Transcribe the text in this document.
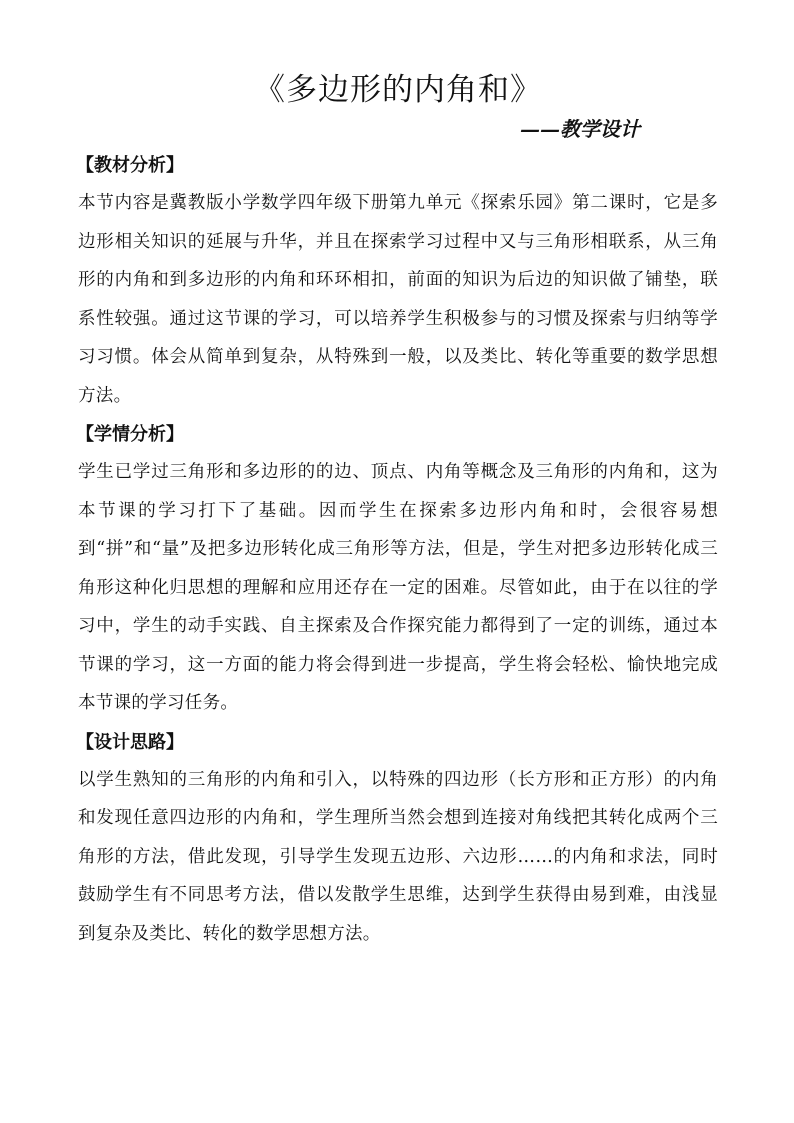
《多边形的内角和》
——教学设计
【教材分析】

本节内容是冀教版小学数学四年级下册第九单元《探索乐园》第二课时，它是多边形相关知识的延展与升华，并且在探索学习过程中又与三角形相联系，从三角形的内角和到多边形的内角和环环相扣，前面的知识为后边的知识做了铺垫，联系性较强。通过这节课的学习，可以培养学生积极参与的习惯及探索与归纳等学习习惯。体会从简单到复杂，从特殊到一般，以及类比、转化等重要的数学思想方法。

【学情分析】

学生已学过三角形和多边形的的边、顶点、内角等概念及三角形的内角和，这为本节课的学习打下了基础。因而学生在探索多边形内角和时，会很容易想到“拼”和“量”及把多边形转化成三角形等方法，但是，学生对把多边形转化成三角形这种化归思想的理解和应用还存在一定的困难。尽管如此，由于在以往的学习中，学生的动手实践、自主探索及合作探究能力都得到了一定的训练，通过本节课的学习，这一方面的能力将会得到进一步提高，学生将会轻松、愉快地完成本节课的学习任务。

【设计思路】

以学生熟知的三角形的内角和引入，以特殊的四边形（长方形和正方形）的内角和发现任意四边形的内角和，学生理所当然会想到连接对角线把其转化成两个三角形的方法，借此发现，引导学生发现五边形、六边形……的内角和求法，同时鼓励学生有不同思考方法，借以发散学生思维，达到学生获得由易到难，由浅显到复杂及类比、转化的数学思想方法。
